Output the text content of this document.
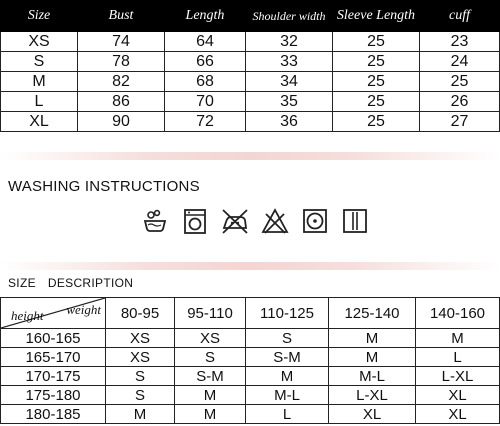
Size	Bust	Length	Shoulder width	Sleeve Length	cuff
XS	74	64	32	25	23
S	78	66	33	25	24
M	82	68	34	25	25
L	86	70	35	25	26
XL	90	72	36	25	27
WASHING INSTRUCTIONS
SIZE DESCRIPTION
weight
height	80-95	95-110	110-125	125-140	140-160
160-165	XS	XS	S	M	M
165-170	XS	S	S-M	M	L
170-175	S	S-M	M	M-L	L-XL
175-180	S	M	M-L	L-XL	XL
180-185	M	M	L	XL	XL
